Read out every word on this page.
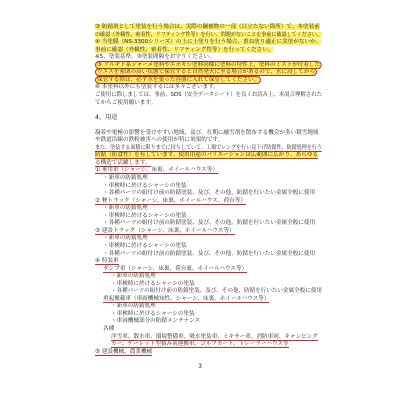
③ 防錆剤として塗装を行う場合は、実際の鋼被物の一部（目立たない箇所）で、本塗装前
の確認（外観性、密着性、リフティング性等）を行い、問題がないことを事前に確認してください。
④ 当塗膜（NS-3300シリーズ）の上に上塗りを行う場合、重ね塗り適正に実塗がないか、
事前に確認（外観性、密着性、リフティング性等）を行ってください。
※5、塗装基準、③塗装間隔をお守りください。
⑤ アルギド系ジャーメ塗料やエポキシ塗料同様に塗料の特性上、塗料のミストが付着した
ウエスを密閉の高い状態で保管すると自然発火に至る場合があるので、水に浸してから
保管する際は、必ず水を張った容器に入れて保管してください。
⑥ 本塗料以外にも塗装するには多々ございます。
ご使用に際しましては、事前、SDS（安全データシート）を良くお読み上、本説合理解された
てからご使用願います。
4、用途
凝着や電極の影響を受けやすい地域、及び、在期に融雪剤を散布する機会が多い積雪地域
や鉄道沿線の鉄粉被害への使用が特に効果的です。
また、塗装する面積に限りまでに持ちしていて、工場でレングを行い見下げ防錆性、防錆処理を行う
防錆（防食性）を有しています。使用用途のバリエーションは広範囲に広がり、あらゆる
る構造で活躍します。
① 乗用車（シャーシ、床裏、ホイールハウス等）
・新車の防錆処理
・車検時に於けるシャーシの塗装
・各種パーツの組付け前の防錆塗装、及び、その他、防錆を行いたい金属全般に使用
② 軽トラック（シャーシ、床裏、ホイールハウス、荷台等）
・新車の防錆処理
・車検時に於けるシャーシの塗装
・各種パーツの組付け前の防錆塗装、及び、その他、防錆を行いたい金属全般に使用
③ 建設トラック（シャーシ、床裏、ホイールハウス等）
・新車の防錆処理
・車検時に於けるシャーシの塗装
・各種パーツの組付け前の防錆塗装、及び、その他、防錆を行いたい金属全般に使用
④ 特装車
ダンプ車（シャーシ、床裏、荷台裏、ホイールハウス等）
・新車の防錆処理
・車検時に於けるシャーシの塗装
・各種パーツの組付け前の防錆塗装、及び、その他、防錆を行いたい金属全般に使用
重起搬載車（車両機械知性、シャーシ、床裏、ホイールハウス等）
・新車の防錆処理
・車検時に於けるシャーシの塗装
・車両機械部分の防錆メンテナンス
各種
洋雪車、散水車、環境整備車、吸水塗装車、ミキサー車、消防車両、キャンピング
カー、ゲーレット型積み荷運搬車、ゴルフカート、トレーラーハウス等
⑤ 建設機械、農業機械
3
